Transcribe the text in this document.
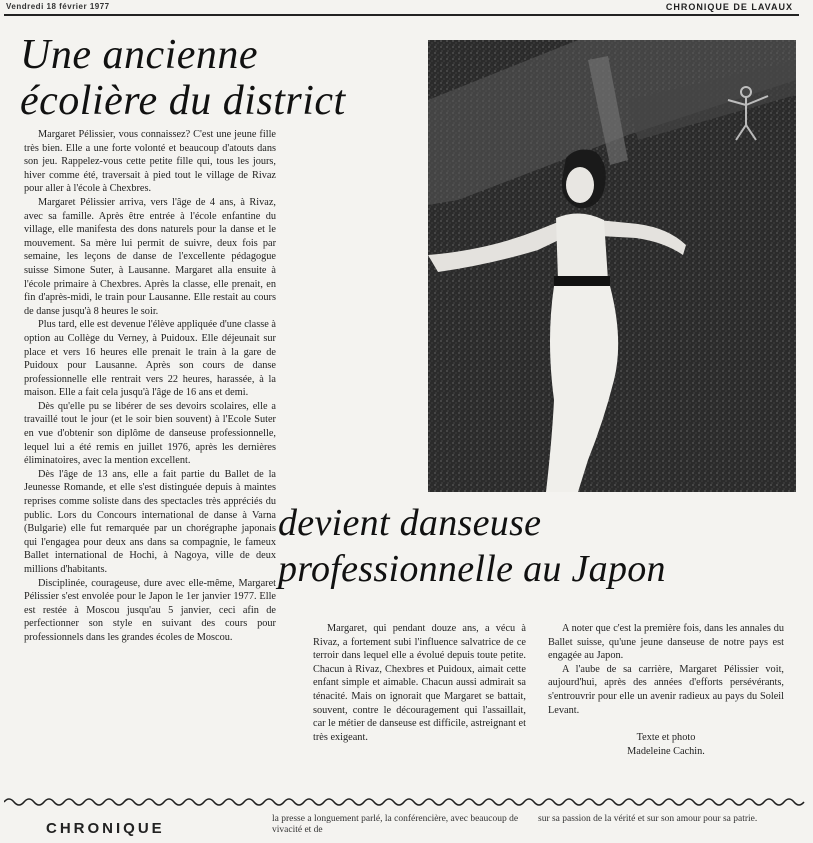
Vendredi 18 février 1977	CHRONIQUE DE LAVAUX
Une ancienne
écolière du district

Margaret Pélissier, vous connaissez? C'est une jeune fille très bien. Elle a une forte volonté et beaucoup d'atouts dans son jeu. Rappelez-vous cette petite fille qui, tous les jours, hiver comme été, traversait à pied tout le village de Rivaz pour aller à l'école à Chexbres.

Margaret Pélissier arriva, vers l'âge de 4 ans, à Rivaz, avec sa famille. Après être entrée à l'école enfantine du village, elle manifesta des dons naturels pour la danse et le mouvement. Sa mère lui permit de suivre, deux fois par semaine, les leçons de danse de l'excellente pédagogue suisse Simone Suter, à Lausanne. Margaret alla ensuite à l'école primaire à Chexbres. Après la classe, elle prenait, en fin d'après-midi, le train pour Lausanne. Elle restait au cours de danse jusqu'à 8 heures le soir.

Plus tard, elle est devenue l'élève appliquée d'une classe à option au Collège du Verney, à Puidoux. Elle déjeunait sur place et vers 16 heures elle prenait le train à la gare de Puidoux pour Lausanne. Après son cours de danse professionnelle elle rentrait vers 22 heures, harassée, à la maison. Elle a fait cela jusqu'à l'âge de 16 ans et demi.

Dès qu'elle pu se libérer de ses devoirs scolaires, elle a travaillé tout le jour (et le soir bien souvent) à l'Ecole Suter en vue d'obtenir son diplôme de danseuse professionnelle, lequel lui a été remis en juillet 1976, après les dernières éliminatoires, avec la mention excellent.

Dès l'âge de 13 ans, elle a fait partie du Ballet de la Jeunesse Romande, et elle s'est distinguée depuis à maintes reprises comme soliste dans des spectacles très appréciés du public. Lors du Concours international de danse à Varna (Bulgarie) elle fut remarquée par un chorégraphe japonais qui l'engagea pour deux ans dans sa compagnie, le fameux Ballet international de Hochi, à Nagoya, ville de deux millions d'habitants.

Disciplinée, courageuse, dure avec elle-même, Margaret Pélissier s'est envolée pour le Japon le 1er janvier 1977. Elle est restée à Moscou jusqu'au 5 janvier, ceci afin de perfectionner son style en suivant des cours pour professionnels dans les grandes écoles de Moscou.

devient danseuse
professionnelle au Japon

Margaret, qui pendant douze ans, a vécu à Rivaz, a fortement subi l'influence salvatrice de ce terroir dans lequel elle a évolué depuis toute petite. Chacun à Rivaz, Chexbres et Puidoux, aimait cette enfant simple et aimable. Chacun aussi admirait sa ténacité. Mais on ignorait que Margaret se battait, souvent, contre le découragement qui l'assaillait, car le métier de danseuse est difficile, astreignant et très exigeant.

A noter que c'est la première fois, dans les annales du Ballet suisse, qu'une jeune danseuse de notre pays est engagée au Japon.

A l'aube de sa carrière, Margaret Pélissier voit, aujourd'hui, après des années d'efforts persévérants, s'entrouvrir pour elle un avenir radieux au pays du Soleil Levant.

Texte et photo
Madeleine Cachin.

CHRONIQUE
la presse a longuement parlé, la conférencière, avec beaucoup de vivacité et de
sur sa passion de la vérité et sur son amour pour sa patrie.
